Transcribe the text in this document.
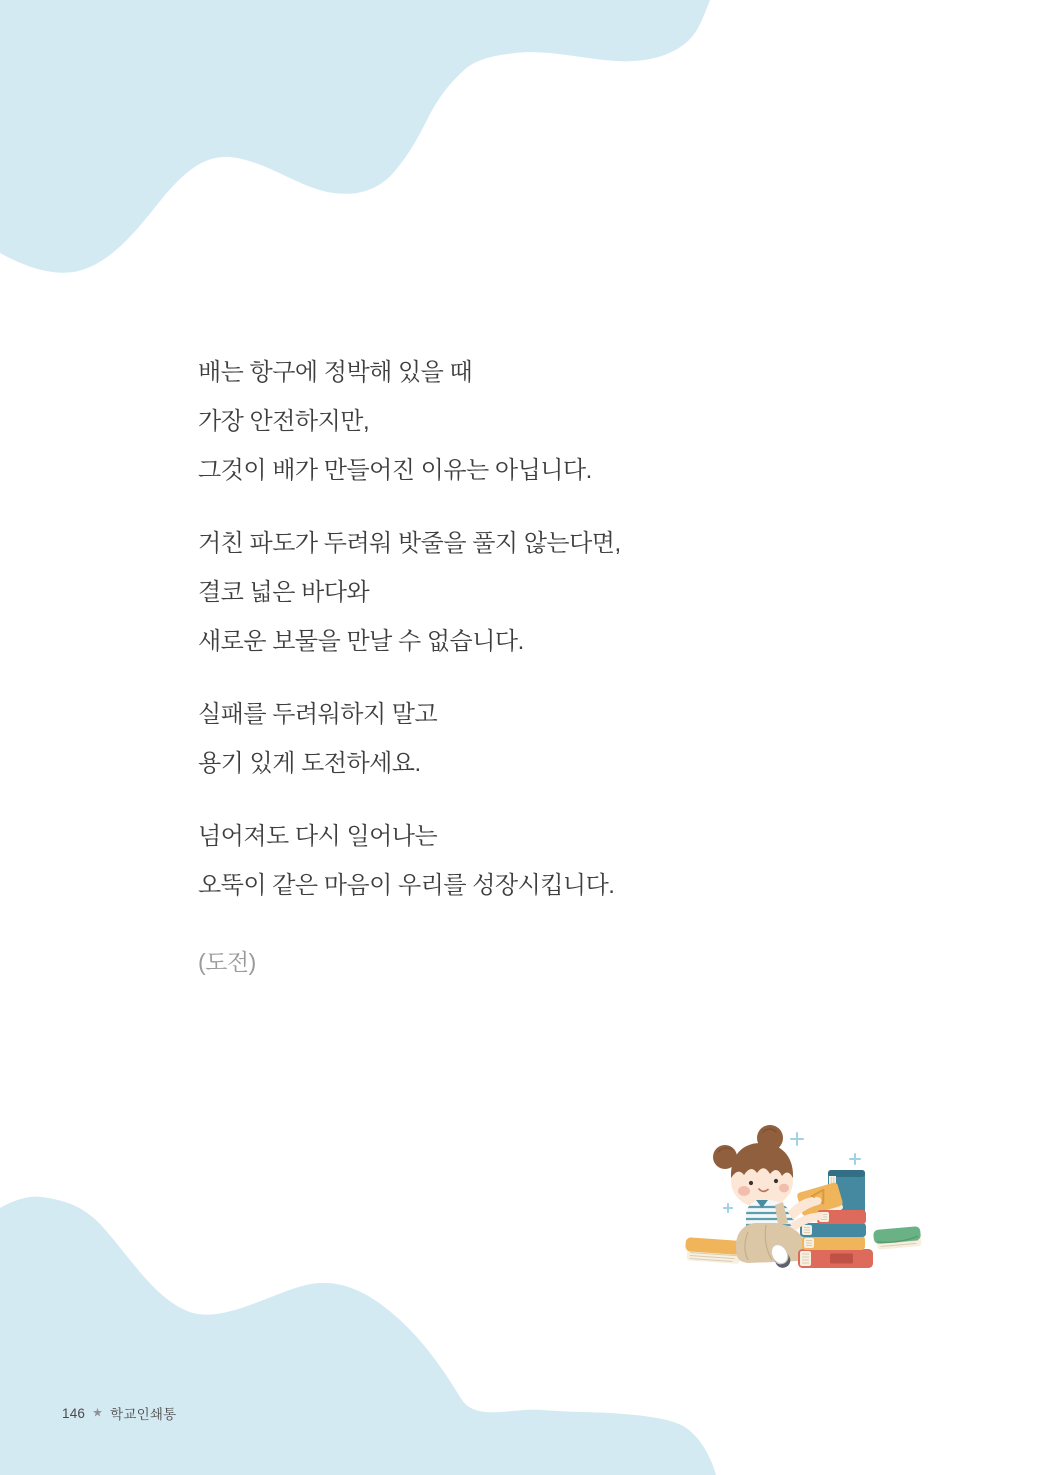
배는 항구에 정박해 있을 때
가장 안전하지만,
그것이 배가 만들어진 이유는 아닙니다.

거친 파도가 두려워 밧줄을 풀지 않는다면,
결코 넓은 바다와
새로운 보물을 만날 수 없습니다.

실패를 두려워하지 말고
용기 있게 도전하세요.

넘어져도 다시 일어나는
오뚝이 같은 마음이 우리를 성장시킵니다.

(도전)

146 ★ 학교인쇄통
